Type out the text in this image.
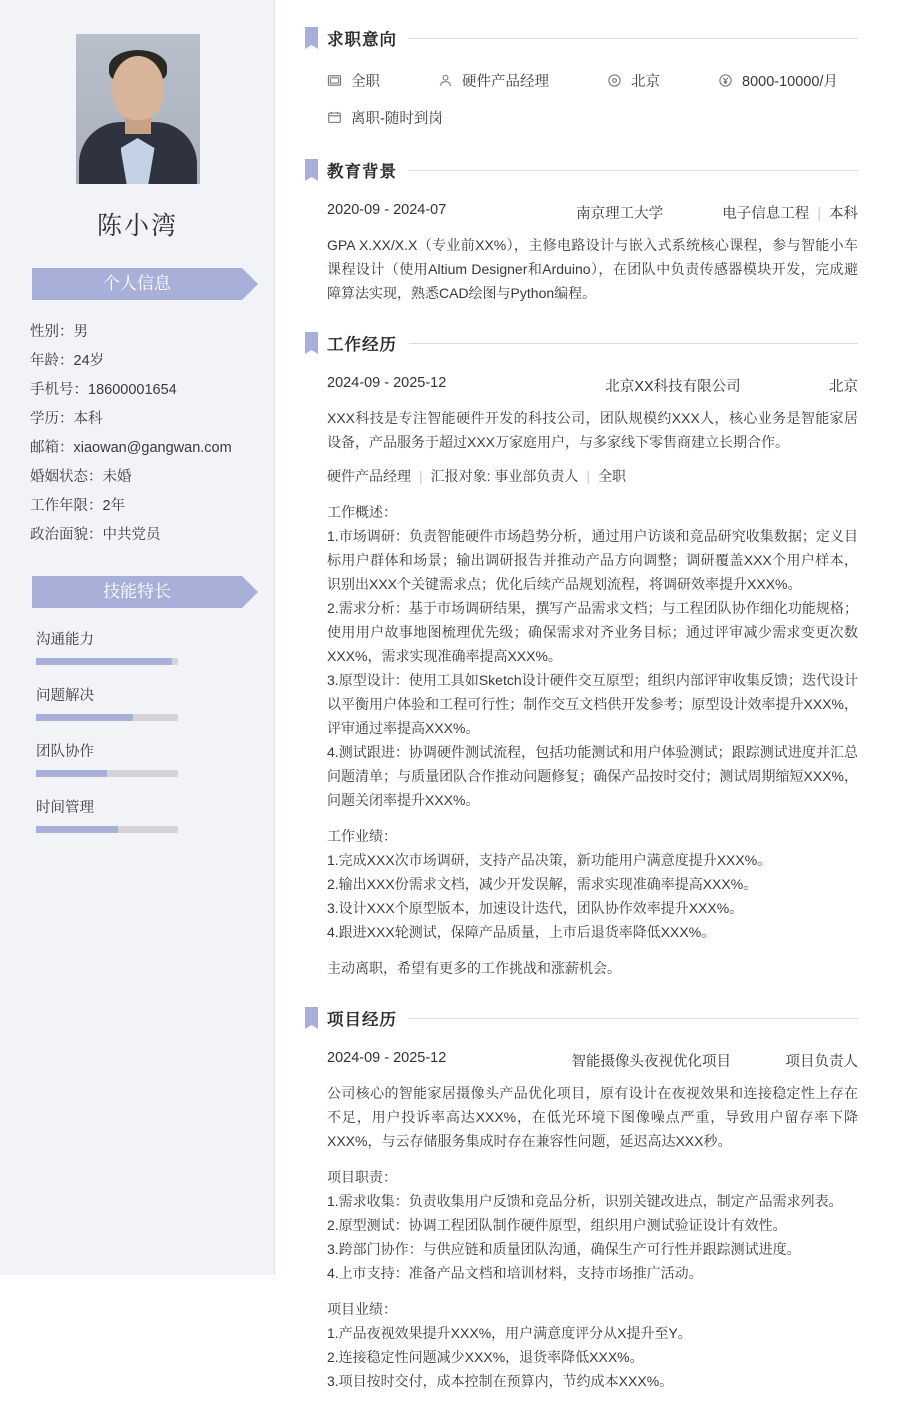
陈小湾
个人信息
性别：男
年龄：24岁
手机号：18600001654
学历：本科
邮箱：xiaowan@gangwan.com
婚姻状态：未婚
工作年限：2年
政治面貌：中共党员
技能特长
沟通能力
问题解决
团队协作
时间管理
求职意向
全职	硬件产品经理	北京	8000-10000/月
离职-随时到岗
教育背景
2020-09 - 2024-07	南京理工大学	电子信息工程 | 本科
GPA X.XX/X.X（专业前XX%），主修电路设计与嵌入式系统核心课程，参与智能小车课程设计（使用Altium Designer和Arduino），在团队中负责传感器模块开发，完成避障算法实现，熟悉CAD绘图与Python编程。
工作经历
2024-09 - 2025-12	北京XX科技有限公司	北京
XXX科技是专注智能硬件开发的科技公司，团队规模约XXX人，核心业务是智能家居设备，产品服务于超过XXX万家庭用户，与多家线下零售商建立长期合作。
硬件产品经理 | 汇报对象: 事业部负责人 | 全职
工作概述：
1.市场调研：负责智能硬件市场趋势分析，通过用户访谈和竞品研究收集数据；定义目标用户群体和场景；输出调研报告并推动产品方向调整；调研覆盖XXX个用户样本，识别出XXX个关键需求点；优化后续产品规划流程，将调研效率提升XXX%。
2.需求分析：基于市场调研结果，撰写产品需求文档；与工程团队协作细化功能规格；使用用户故事地图梳理优先级；确保需求对齐业务目标；通过评审减少需求变更次数XXX%，需求实现准确率提高XXX%。
3.原型设计：使用工具如Sketch设计硬件交互原型；组织内部评审收集反馈；迭代设计以平衡用户体验和工程可行性；制作交互文档供开发参考；原型设计效率提升XXX%，评审通过率提高XXX%。
4.测试跟进：协调硬件测试流程，包括功能测试和用户体验测试；跟踪测试进度并汇总问题清单；与质量团队合作推动问题修复；确保产品按时交付；测试周期缩短XXX%，问题关闭率提升XXX%。
工作业绩：
1.完成XXX次市场调研，支持产品决策，新功能用户满意度提升XXX%。
2.输出XXX份需求文档，减少开发误解，需求实现准确率提高XXX%。
3.设计XXX个原型版本，加速设计迭代，团队协作效率提升XXX%。
4.跟进XXX轮测试，保障产品质量，上市后退货率降低XXX%。
主动离职，希望有更多的工作挑战和涨薪机会。
项目经历
2024-09 - 2025-12	智能摄像头夜视优化项目	项目负责人
公司核心的智能家居摄像头产品优化项目，原有设计在夜视效果和连接稳定性上存在不足，用户投诉率高达XXX%，在低光环境下图像噪点严重，导致用户留存率下降XXX%，与云存储服务集成时存在兼容性问题，延迟高达XXX秒。
项目职责：
1.需求收集：负责收集用户反馈和竞品分析，识别关键改进点，制定产品需求列表。
2.原型测试：协调工程团队制作硬件原型，组织用户测试验证设计有效性。
3.跨部门协作：与供应链和质量团队沟通，确保生产可行性并跟踪测试进度。
4.上市支持：准备产品文档和培训材料，支持市场推广活动。
项目业绩：
1.产品夜视效果提升XXX%，用户满意度评分从X提升至Y。
2.连接稳定性问题减少XXX%，退货率降低XXX%。
3.项目按时交付，成本控制在预算内，节约成本XXX%。
